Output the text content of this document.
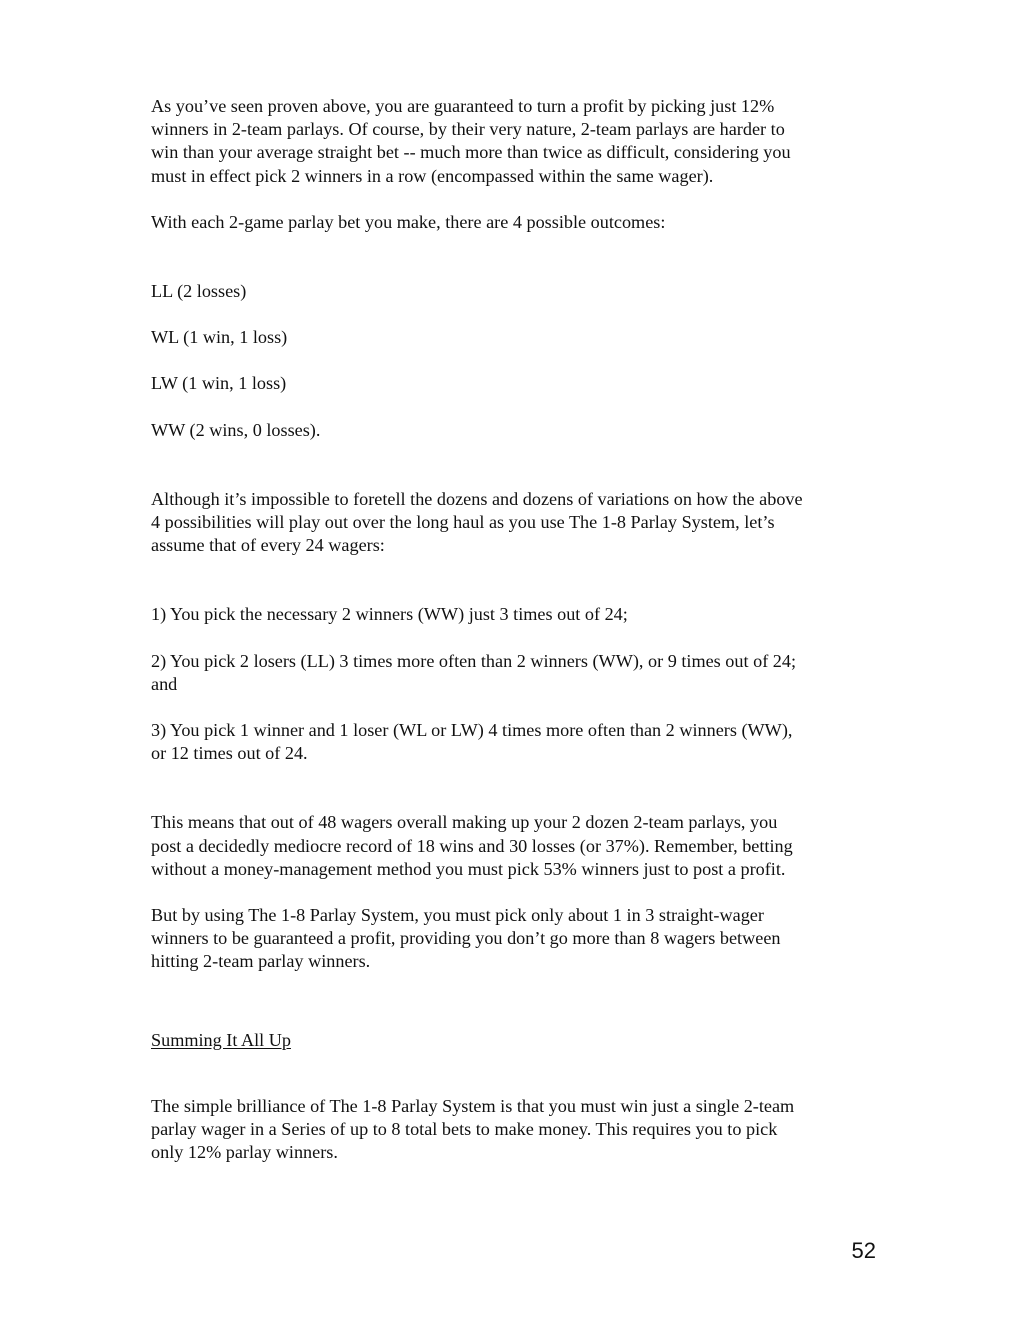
As you’ve seen proven above, you are guaranteed to turn a profit by picking just 12%
winners in 2-team parlays. Of course, by their very nature, 2-team parlays are harder to
win than your average straight bet -- much more than twice as difficult, considering you
must in effect pick 2 winners in a row (encompassed within the same wager).

With each 2-game parlay bet you make, there are 4 possible outcomes:

LL (2 losses)

WL (1 win, 1 loss)

LW (1 win, 1 loss)

WW (2 wins, 0 losses).

Although it’s impossible to foretell the dozens and dozens of variations on how the above
4 possibilities will play out over the long haul as you use The 1-8 Parlay System, let’s
assume that of every 24 wagers:

1) You pick the necessary 2 winners (WW) just 3 times out of 24;

2) You pick 2 losers (LL) 3 times more often than 2 winners (WW), or 9 times out of 24;
and

3) You pick 1 winner and 1 loser (WL or LW) 4 times more often than 2 winners (WW),
or 12 times out of 24.

This means that out of 48 wagers overall making up your 2 dozen 2-team parlays, you
post a decidedly mediocre record of 18 wins and 30 losses (or 37%). Remember, betting
without a money-management method you must pick 53% winners just to post a profit.

But by using The 1-8 Parlay System, you must pick only about 1 in 3 straight-wager
winners to be guaranteed a profit, providing you don’t go more than 8 wagers between
hitting 2-team parlay winners.

Summing It All Up

The simple brilliance of The 1-8 Parlay System is that you must win just a single 2-team
parlay wager in a Series of up to 8 total bets to make money. This requires you to pick
only 12% parlay winners.

52
